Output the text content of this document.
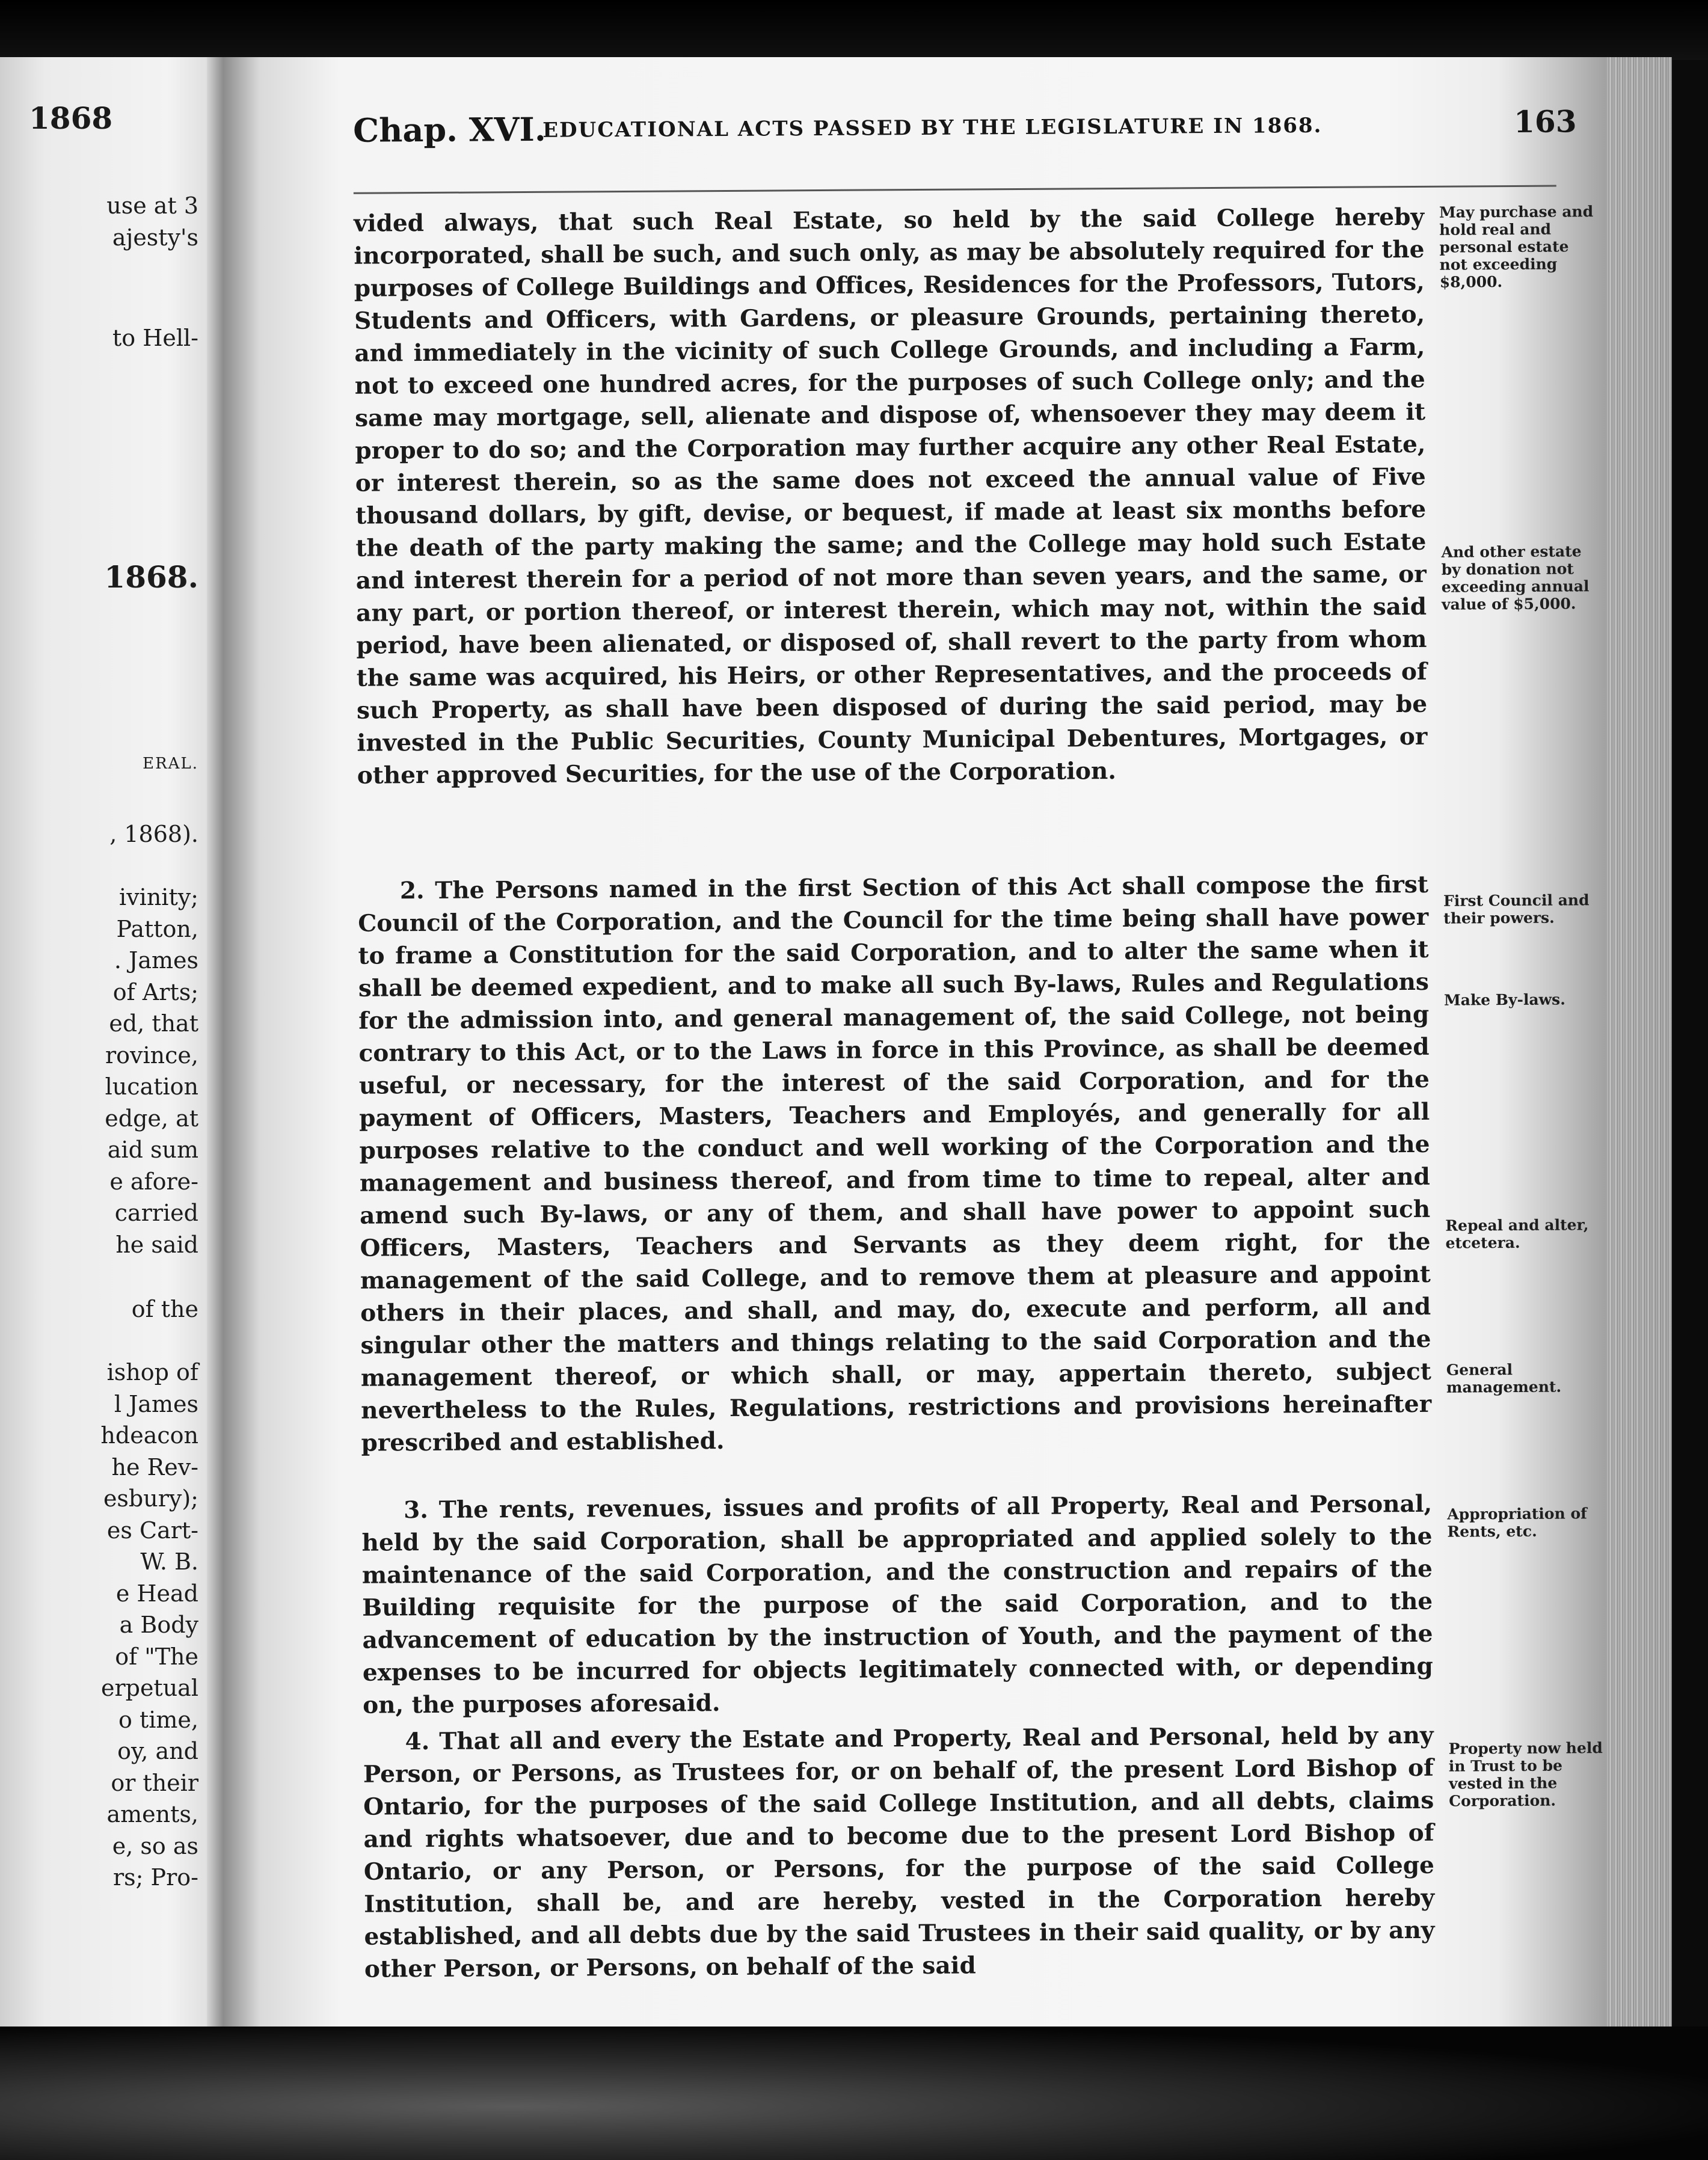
1868
use at 3
ajesty's
to Hell-
1868.
ERAL.
, 1868).
ivinity;
Patton,
. James
of Arts;
ed, that
rovince,
lucation
edge, at
aid sum
e afore-
carried
he said
of the
ishop of
l James
hdeacon
he Rev-
esbury);
es Cart-
W. B.
e Head
a Body
of "The
erpetual
o time,
oy, and
or their
aments,
e, so as
rs; Pro-
Chap. XVI.
EDUCATIONAL ACTS PASSED BY THE LEGISLATURE IN 1868.	163

vided always, that such Real Estate, so held by the said College hereby incorporated, shall be such, and such only, as may be absolutely required for the purposes of College Buildings and Offices, Residences for the Professors, Tutors, Students and Officers, with Gardens, or pleasure Grounds, pertaining thereto, and immediately in the vicinity of such College Grounds, and including a Farm, not to exceed one hundred acres, for the purposes of such College only; and the same may mortgage, sell, alienate and dispose of, whensoever they may deem it proper to do so; and the Corporation may further acquire any other Real Estate, or interest therein, so as the same does not exceed the annual value of Five thousand dollars, by gift, devise, or bequest, if made at least six months before the death of the party making the same; and the College may hold such Estate and interest therein for a period of not more than seven years, and the same, or any part, or portion thereof, or interest therein, which may not, within the said period, have been alienated, or disposed of, shall revert to the party from whom the same was acquired, his Heirs, or other Representatives, and the proceeds of such Property, as shall have been disposed of during the said period, may be invested in the Public Securities, County Municipal Debentures, Mortgages, or other approved Securities, for the use of the Corporation.

2. The Persons named in the first Section of this Act shall compose the first Council of the Corporation, and the Council for the time being shall have power to frame a Constitution for the said Corporation, and to alter the same when it shall be deemed expedient, and to make all such By-laws, Rules and Regulations for the admission into, and general management of, the said College, not being contrary to this Act, or to the Laws in force in this Province, as shall be deemed useful, or necessary, for the interest of the said Corporation, and for the payment of Officers, Masters, Teachers and Employés, and generally for all purposes relative to the conduct and well working of the Corporation and the management and business thereof, and from time to time to repeal, alter and amend such By-laws, or any of them, and shall have power to appoint such Officers, Masters, Teachers and Servants as they deem right, for the management of the said College, and to remove them at pleasure and appoint others in their places, and shall, and may, do, execute and perform, all and singular other the matters and things relating to the said Corporation and the management thereof, or which shall, or may, appertain thereto, subject nevertheless to the Rules, Regulations, restrictions and provisions hereinafter prescribed and established.

3. The rents, revenues, issues and profits of all Property, Real and Personal, held by the said Corporation, shall be appropriated and applied solely to the maintenance of the said Corporation, and the construction and repairs of the Building requisite for the purpose of the said Corporation, and to the advancement of education by the instruction of Youth, and the payment of the expenses to be incurred for objects legitimately connected with, or depending on, the purposes aforesaid.

4. That all and every the Estate and Property, Real and Personal, held by any Person, or Persons, as Trustees for, or on behalf of, the present Lord Bishop of Ontario, for the purposes of the said College Institution, and all debts, claims and rights whatsoever, due and to become due to the present Lord Bishop of Ontario, or any Person, or Persons, for the purpose of the said College Institution, shall be, and are hereby, vested in the Corporation hereby established, and all debts due by the said Trustees in their said quality, or by any other Person, or Persons, on behalf of the said

May purchase and hold real and personal estate not exceeding $8,000.
And other estate by donation not exceeding annual value of $5,000.
First Council and their powers.
Make By-laws.
Repeal and alter, etcetera.
General management.
Appropriation of Rents, etc.
Property now held in Trust to be vested in the Corporation.
